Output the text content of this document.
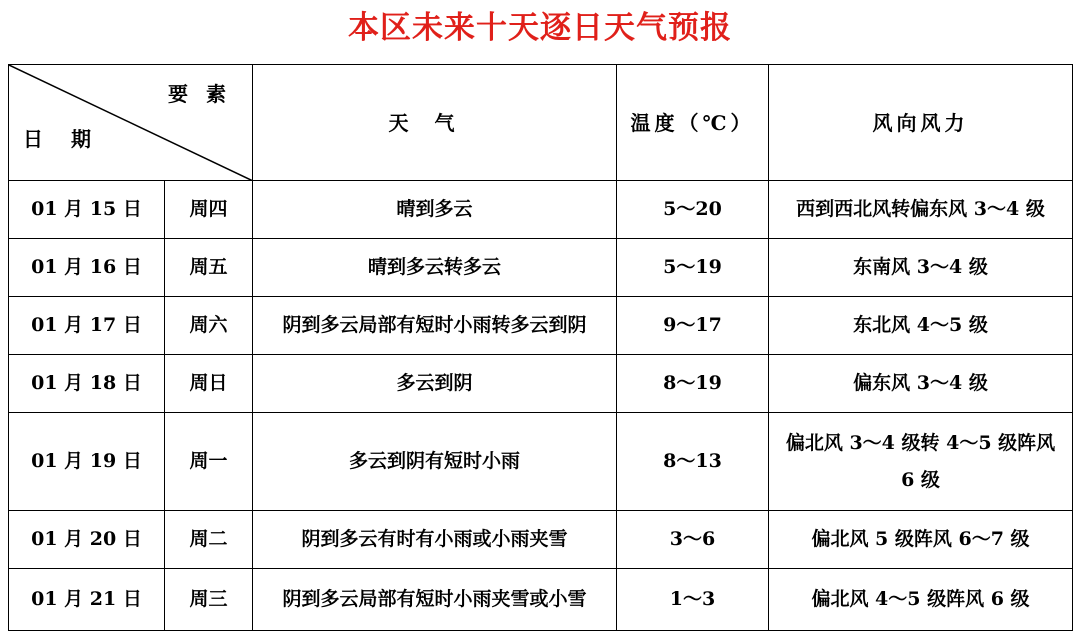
本区未来十天逐日天气预报
要素
日期		天气	温度（℃）	风向风力
01 月 15 日	周四	晴到多云	5～20	西到西北风转偏东风 3～4 级
01 月 16 日	周五	晴到多云转多云	5～19	东南风 3～4 级
01 月 17 日	周六	阴到多云局部有短时小雨转多云到阴	9～17	东北风 4～5 级
01 月 18 日	周日	多云到阴	8～19	偏东风 3～4 级
01 月 19 日	周一	多云到阴有短时小雨	8～13	偏北风 3～4 级转 4～5 级阵风 6 级
01 月 20 日	周二	阴到多云有时有小雨或小雨夹雪	3～6	偏北风 5 级阵风 6～7 级
01 月 21 日	周三	阴到多云局部有短时小雨夹雪或小雪	1～3	偏北风 4～5 级阵风 6 级
